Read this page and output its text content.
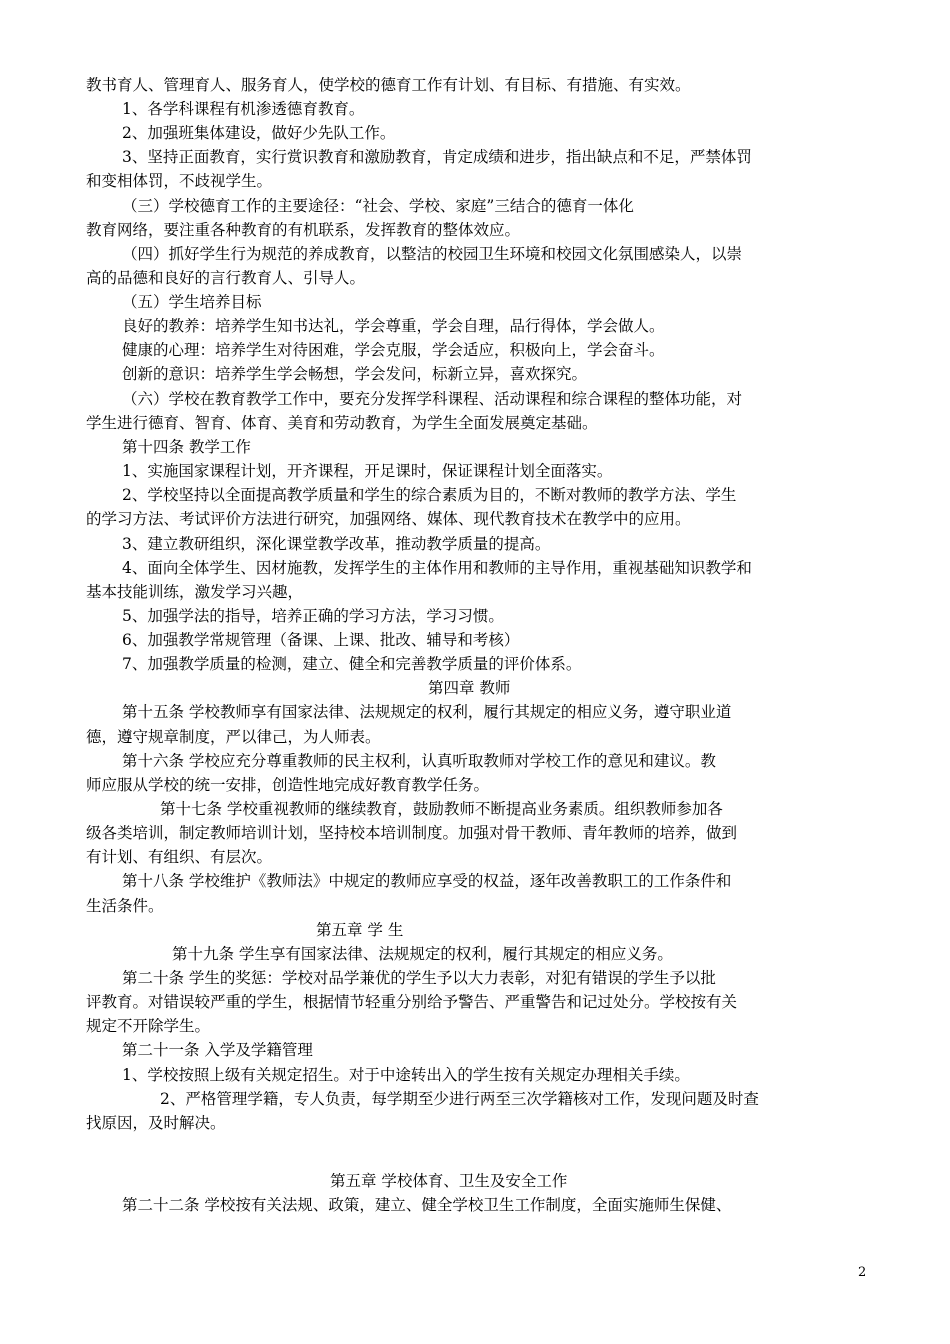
教书育人、管理育人、服务育人，使学校的德育工作有计划、有目标、有措施、有实效。
1、各学科课程有机渗透德育教育。
2、加强班集体建设，做好少先队工作。
3、坚持正面教育，实行赏识教育和激励教育，肯定成绩和进步，指出缺点和不足，严禁体罚
和变相体罚，不歧视学生。
（三）学校德育工作的主要途径：“社会、学校、家庭”三结合的德育一体化
教育网络，要注重各种教育的有机联系，发挥教育的整体效应。
（四）抓好学生行为规范的养成教育，以整洁的校园卫生环境和校园文化氛围感染人，以崇
高的品德和良好的言行教育人、引导人。
（五）学生培养目标
良好的教养：培养学生知书达礼，学会尊重，学会自理，品行得体，学会做人。
健康的心理：培养学生对待困难，学会克服，学会适应，积极向上，学会奋斗。
创新的意识：培养学生学会畅想，学会发问，标新立异，喜欢探究。
（六）学校在教育教学工作中，要充分发挥学科课程、活动课程和综合课程的整体功能，对
学生进行德育、智育、体育、美育和劳动教育，为学生全面发展奠定基础。
第十四条 教学工作
1、实施国家课程计划，开齐课程，开足课时，保证课程计划全面落实。
2、学校坚持以全面提高教学质量和学生的综合素质为目的，不断对教师的教学方法、学生
的学习方法、考试评价方法进行研究，加强网络、媒体、现代教育技术在教学中的应用。
3、建立教研组织，深化课堂教学改革，推动教学质量的提高。
4、面向全体学生、因材施教，发挥学生的主体作用和教师的主导作用，重视基础知识教学和
基本技能训练，激发学习兴趣，
5、加强学法的指导，培养正确的学习方法，学习习惯。
6、加强教学常规管理（备课、上课、批改、辅导和考核）
7、加强教学质量的检测，建立、健全和完善教学质量的评价体系。
第四章 教师
第十五条 学校教师享有国家法律、法规规定的权利，履行其规定的相应义务，遵守职业道
德，遵守规章制度，严以律己，为人师表。
第十六条 学校应充分尊重教师的民主权利，认真听取教师对学校工作的意见和建议。教
师应服从学校的统一安排，创造性地完成好教育教学任务。
第十七条 学校重视教师的继续教育，鼓励教师不断提高业务素质。组织教师参加各
级各类培训，制定教师培训计划，坚持校本培训制度。加强对骨干教师、青年教师的培养，做到
有计划、有组织、有层次。
第十八条 学校维护《教师法》中规定的教师应享受的权益，逐年改善教职工的工作条件和
生活条件。
第五章 学 生
第十九条 学生享有国家法律、法规规定的权利，履行其规定的相应义务。
第二十条 学生的奖惩：学校对品学兼优的学生予以大力表彰，对犯有错误的学生予以批
评教育。对错误较严重的学生，根据情节轻重分别给予警告、严重警告和记过处分。学校按有关
规定不开除学生。
第二十一条 入学及学籍管理
1、学校按照上级有关规定招生。对于中途转出入的学生按有关规定办理相关手续。
2、严格管理学籍，专人负责，每学期至少进行两至三次学籍核对工作，发现问题及时查
找原因，及时解决。
第五章 学校体育、卫生及安全工作
第二十二条 学校按有关法规、政策，建立、健全学校卫生工作制度，全面实施师生保健、
2
